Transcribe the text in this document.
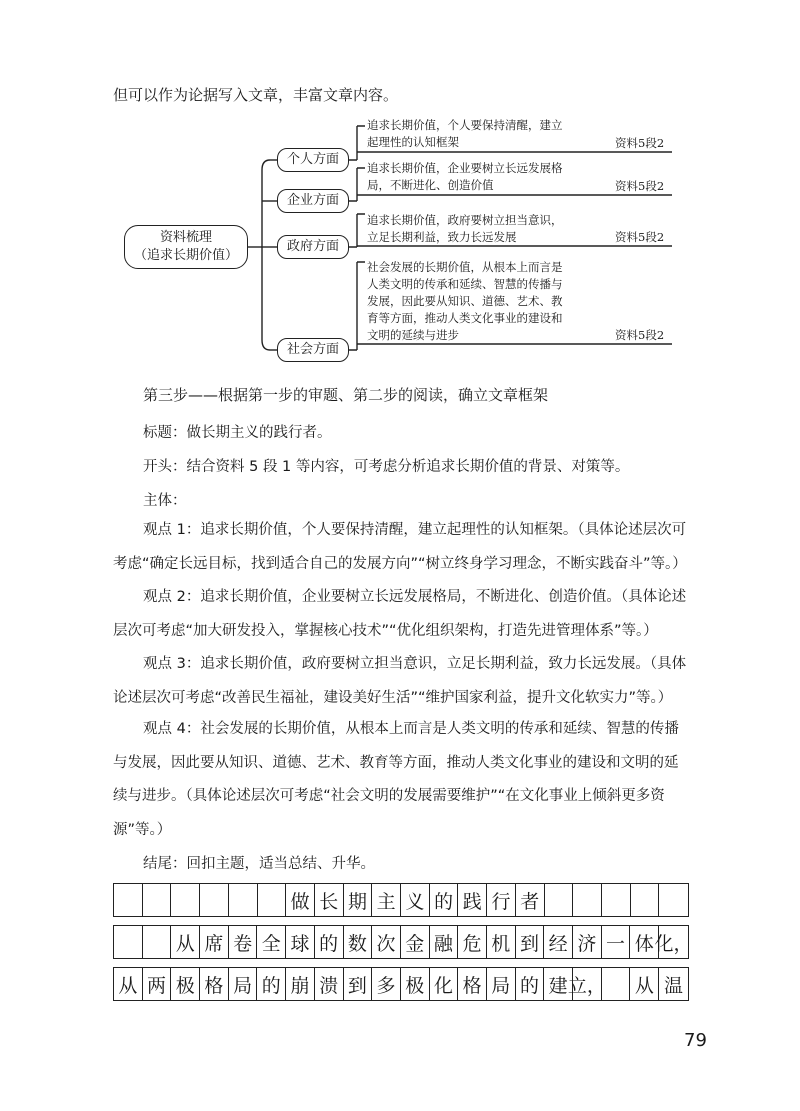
但可以作为论据写入文章，丰富文章内容。
资料梳理
（追求长期价值）
个人方面
企业方面
政府方面
社会方面
追求长期价值，个人要保持清醒，建立
起理性的认知框架	资料5段2
追求长期价值，企业要树立长远发展格
局，不断进化、创造价值	资料5段2
追求长期价值，政府要树立担当意识，
立足长期利益，致力长远发展	资料5段2
社会发展的长期价值，从根本上而言是
人类文明的传承和延续、智慧的传播与
发展，因此要从知识、道德、艺术、教
育等方面，推动人类文化事业的建设和
文明的延续与进步	资料5段2
第三步——根据第一步的审题、第二步的阅读，确立文章框架
标题：做长期主义的践行者。
开头：结合资料 5 段 1 等内容，可考虑分析追求长期价值的背景、对策等。
主体：
观点 1：追求长期价值，个人要保持清醒，建立起理性的认知框架。（具体论述层次可考虑“确定长远目标，找到适合自己的发展方向”“树立终身学习理念，不断实践奋斗”等。）
观点 2：追求长期价值，企业要树立长远发展格局，不断进化、创造价值。（具体论述层次可考虑“加大研发投入，掌握核心技术”“优化组织架构，打造先进管理体系”等。）
观点 3：追求长期价值，政府要树立担当意识，立足长期利益，致力长远发展。（具体论述层次可考虑“改善民生福祉，建设美好生活”“维护国家利益，提升文化软实力”等。）
观点 4：社会发展的长期价值，从根本上而言是人类文明的传承和延续、智慧的传播与发展，因此要从知识、道德、艺术、教育等方面，推动人类文化事业的建设和文明的延续与进步。（具体论述层次可考虑“社会文明的发展需要维护”“在文化事业上倾斜更多资源”等。）
结尾：回扣主题，适当总结、升华。
做 长 期 主 义 的 践 行 者
从 席 卷 全 球 的 数 次 金 融 危 机 到 经 济 一 体 化，
从 两 极 格 局 的 崩 溃 到 多 极 化 格 局 的 建 立， 从 温
79
